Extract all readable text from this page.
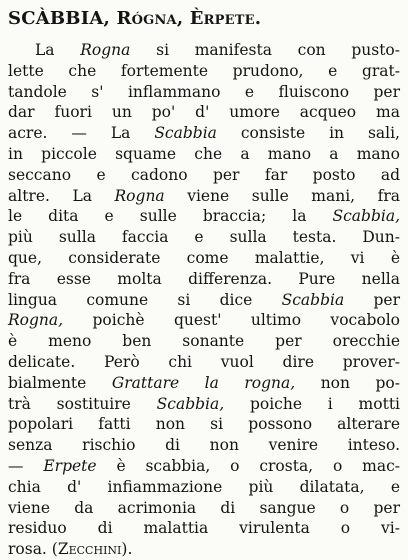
SCÀBBIA, Rógna, Èrpete.
La Rogna si manifesta con pusto-
lette che fortemente prudono, e grat-
tandole s' inflammano e fluiscono per
dar fuori un po' d' umore acqueo ma
acre. — La Scabbia consiste in sali,
in piccole squame che a mano a mano
seccano e cadono per far posto ad
altre. La Rogna viene sulle mani, fra
le dita e sulle braccia; la Scabbia,
più sulla faccia e sulla testa. Dun-
que, considerate come malattie, vi è
fra esse molta differenza. Pure nella
lingua comune si dice Scabbia per
Rogna, poichè quest' ultimo vocabolo
è meno ben sonante per orecchie
delicate. Però chi vuol dire prover-
bialmente Grattare la rogna, non po-
trà sostituire Scabbia, poiche i motti
popolari fatti non si possono alterare
senza rischio di non venire inteso.
— Erpete è scabbia, o crosta, o mac-
chia d' infiammazione più dilatata, e
viene da acrimonia di sangue o per
residuo di malattia virulenta o vi-
rosa. (Zecchini).
